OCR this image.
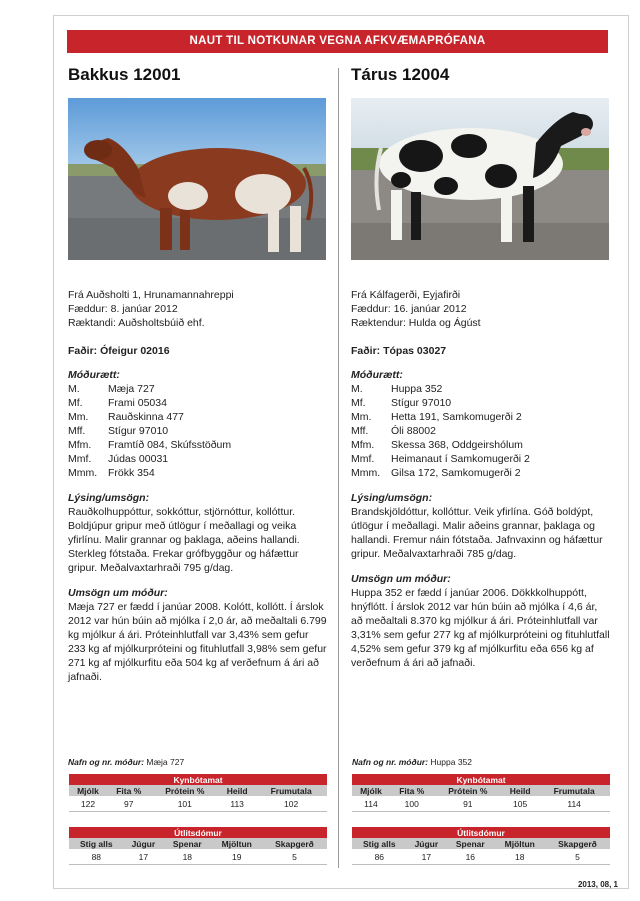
NAUT TIL NOTKUNAR VEGNA AFKVÆMAPRÓFANA
Bakkus 12001
Frá Auðsholti 1, Hrunamannahreppi
Fæddur: 8. janúar 2012
Ræktandi: Auðsholtsbúið ehf.
Faðir: Ófeigur 02016
Móðurætt:
M.	Mæja 727
Mf.	Frami 05034
Mm.	Rauðskinna 477
Mff.	Stígur 97010
Mfm.	Framtíð 084, Skúfsstöðum
Mmf.	Júdas 00031
Mmm.	Frökk 354
Lýsing/umsögn:
Rauðkolhuppóttur, sokkóttur, stjörnóttur, kollóttur. Boldjúpur gripur með útlögur í meðallagi og veika yfirlínu. Malir grannar og þaklaga, aðeins hallandi. Sterkleg fótstaða. Frekar grófbyggður og háfættur gripur. Meðalvaxtarhraði 795 g/dag.
Umsögn um móður:
Mæja 727 er fædd í janúar 2008. Kolótt, kollótt. Í árslok 2012 var hún búin að mjólka í 2,0 ár, að meðaltali 6.799 kg mjólkur á ári. Próteinhlutfall var 3,43% sem gefur 233 kg af mjólkurpróteini og fituhlutfall 3,98% sem gefur 271 kg af mjólkurfitu eða 504 kg af verðefnum á ári að jafnaði.
Tárus 12004
Frá Kálfagerði, Eyjafirði
Fæddur: 16. janúar 2012
Ræktendur: Hulda og Ágúst
Faðir: Tópas 03027
Móðurætt:
M.	Huppa 352
Mf.	Stígur 97010
Mm.	Hetta 191, Samkomugerði 2
Mff.	Óli 88002
Mfm.	Skessa 368, Oddgeirshólum
Mmf.	Heimanaut í Samkomugerði 2
Mmm.	Gilsa 172, Samkomugerði 2
Lýsing/umsögn:
Brandskjöldóttur, kollóttur. Veik yfirlína. Góð boldýpt, útlögur í meðallagi. Malir aðeins grannar, þaklaga og hallandi. Fremur náin fótstaða. Jafnvaxinn og háfættur gripur. Meðalvaxtarhraði 785 g/dag.
Umsögn um móður:
Huppa 352 er fædd í janúar 2006. Dökkkolhuppótt, hnýflótt. Í árslok 2012 var hún búin að mjólka í 4,6 ár, að meðaltali 8.370 kg mjólkur á ári. Próteinhlutfall var 3,31% sem gefur 277 kg af mjólkurpróteini og fituhlutfall 4,52% sem gefur 379 kg af mjólkurfitu eða 656 kg af verðefnum á ári að jafnaði.
Nafn og nr. móður: Mæja 727	Nafn og nr. móður: Huppa 352
Kynbótamat				
Mjólk	Fita %	Prótein %	Heild	Frumutala
122	97	101	113	102
Útlitsdómur				
Stig alls	Júgur	Spenar	Mjöltun	Skapgerð
88	17	18	19	5
Kynbótamat				
Mjólk	Fita %	Prótein %	Heild	Frumutala
114	100	91	105	114
Útlitsdómur				
Stig alls	Júgur	Spenar	Mjöltun	Skapgerð
86	17	16	18	5
2013, 08, 1
